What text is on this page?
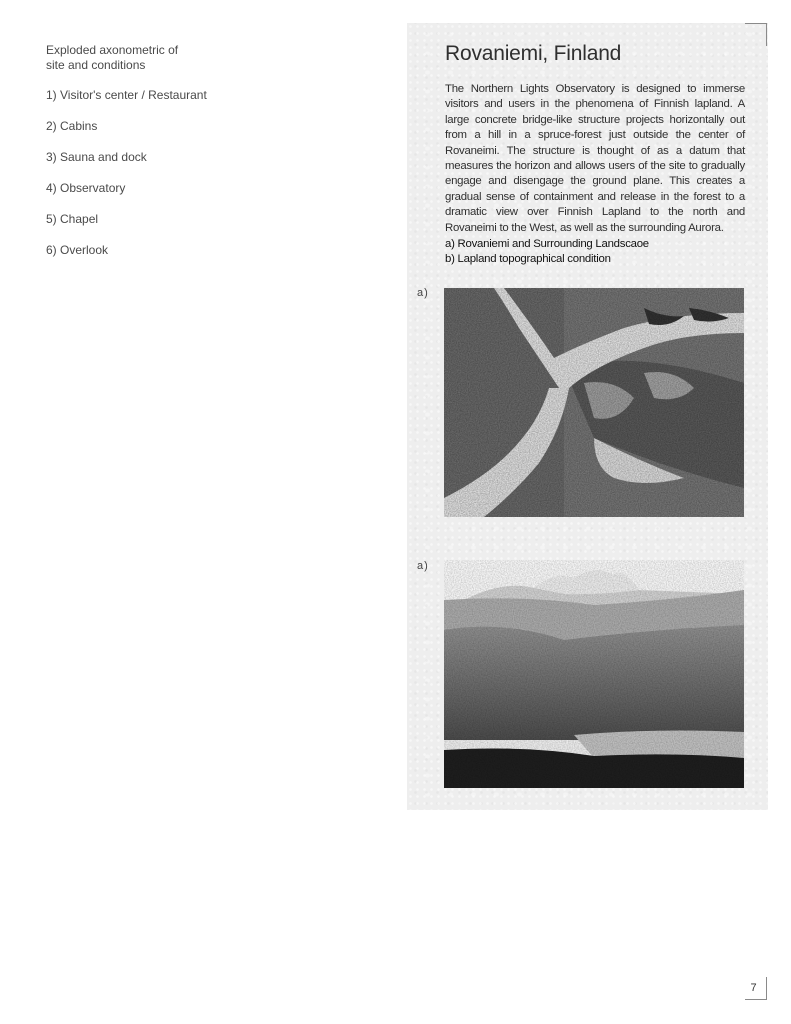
Exploded axonometric of
site and conditions

1) Visitor's center / Restaurant
2) Cabins
3) Sauna and dock
4) Observatory
5) Chapel
6) Overlook
Rovaniemi, Finland

The Northern Lights Observatory is designed to immerse visitors and users in the phenomena of Finnish lapland. A large concrete bridge-like structure projects horizontally out from a hill in a spruce-forest just outside the center of Rovaneimi. The structure is thought of as a datum that measures the horizon and allows users of the site to gradually engage and disengage the ground plane. This creates a gradual sense of containment and release in the forest to a dramatic view over Finnish Lapland to the north and Rovaneimi to the West, as well as the surrounding Aurora.

a) Rovaniemi and Surrounding Landscaoe
b) Lapland topographical condition
a)
a)
7
